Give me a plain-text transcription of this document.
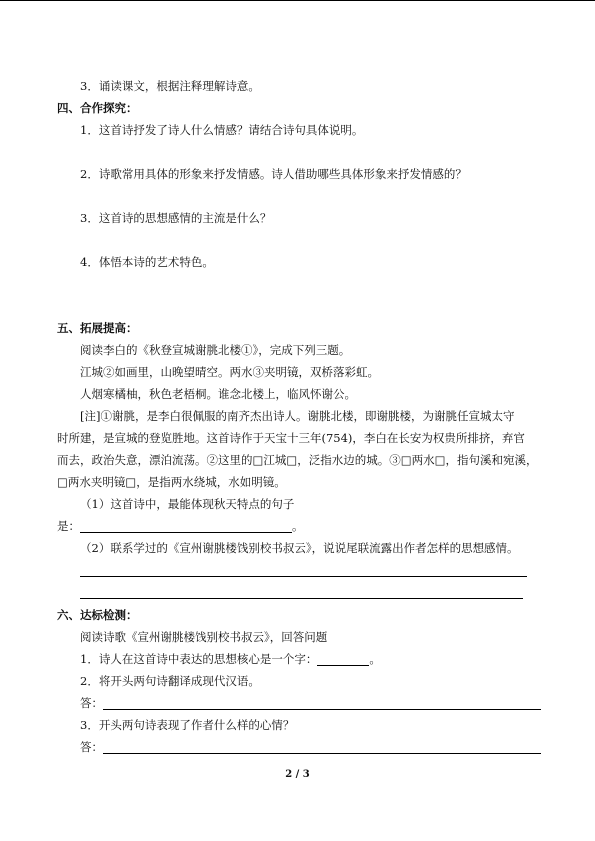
3．诵读课文，根据注释理解诗意。
四、合作探究：
1．这首诗抒发了诗人什么情感？请结合诗句具体说明。
2．诗歌常用具体的形象来抒发情感。诗人借助哪些具体形象来抒发情感的？
3．这首诗的思想感情的主流是什么？
4．体悟本诗的艺术特色。
五、拓展提高：
阅读李白的《秋登宣城谢朓北楼①》，完成下列三题。
江城②如画里，山晚望晴空。两水③夹明镜，双桥落彩虹。
人烟寒橘柚，秋色老梧桐。谁念北楼上，临风怀谢公。
[注]①谢朓，是李白很佩服的南齐杰出诗人。谢朓北楼，即谢朓楼，为谢朓任宣城太守
时所建，是宣城的登览胜地。这首诗作于天宝十三年(754)，李白在长安为权贵所排挤，弃官
而去，政治失意，漂泊流荡。②这里的□江城□，泛指水边的城。③□两水□，指句溪和宛溪，
□两水夹明镜□，是指两水绕城，水如明镜。
（1）这首诗中，最能体现秋天特点的句子
是：	。
（2）联系学过的《宣州谢朓楼饯别校书叔云》，说说尾联流露出作者怎样的思想感情。
六、达标检测：
阅读诗歌《宣州谢朓楼饯别校书叔云》，回答问题
1．诗人在这首诗中表达的思想核心是一个字：	。
2．将开头两句诗翻译成现代汉语。
答：
3．开头两句诗表现了作者什么样的心情？
答：
2 / 3
